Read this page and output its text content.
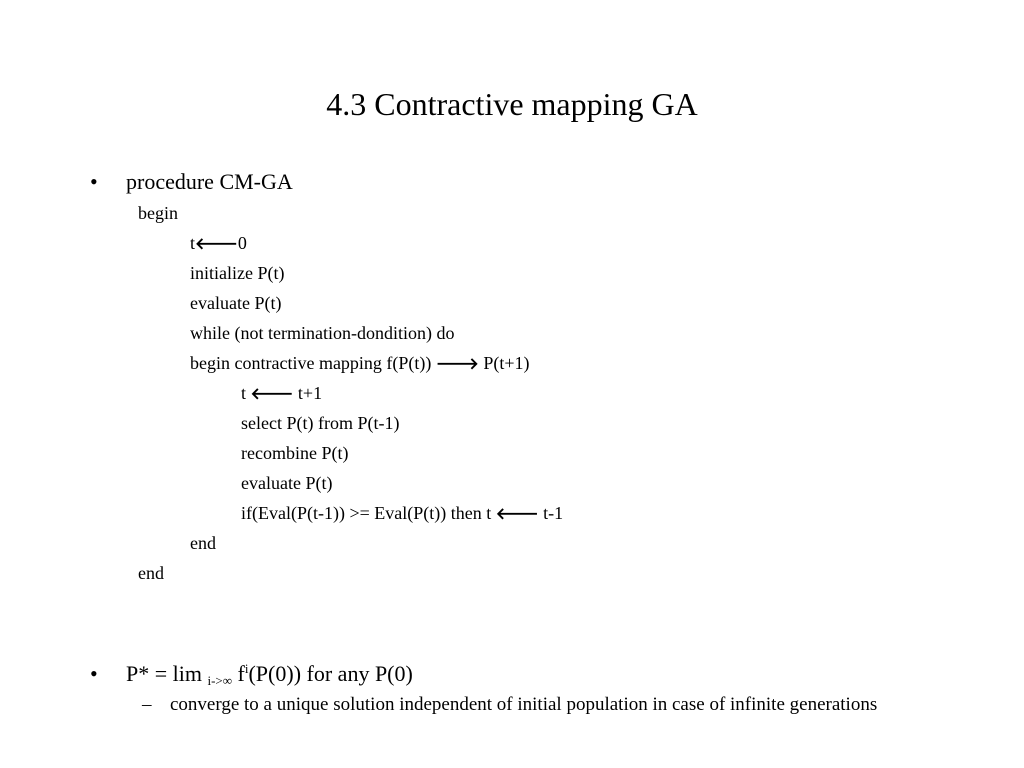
4.3 Contractive mapping GA
• procedure CM-GA
begin
t🡐0
initialize P(t)
evaluate P(t)
while (not termination-dondition) do
begin contractive mapping f(P(t)) 🡒 P(t+1)
t 🡐 t+1
select P(t) from P(t-1)
recombine P(t)
evaluate P(t)
if(Eval(P(t-1)) >= Eval(P(t)) then t 🡐 t-1
end
end
• P* = lim $_{i->\infty}$ $f^i(P(0))$ for any P(0)
– converge to a unique solution independent of initial population in case of infinite generations
